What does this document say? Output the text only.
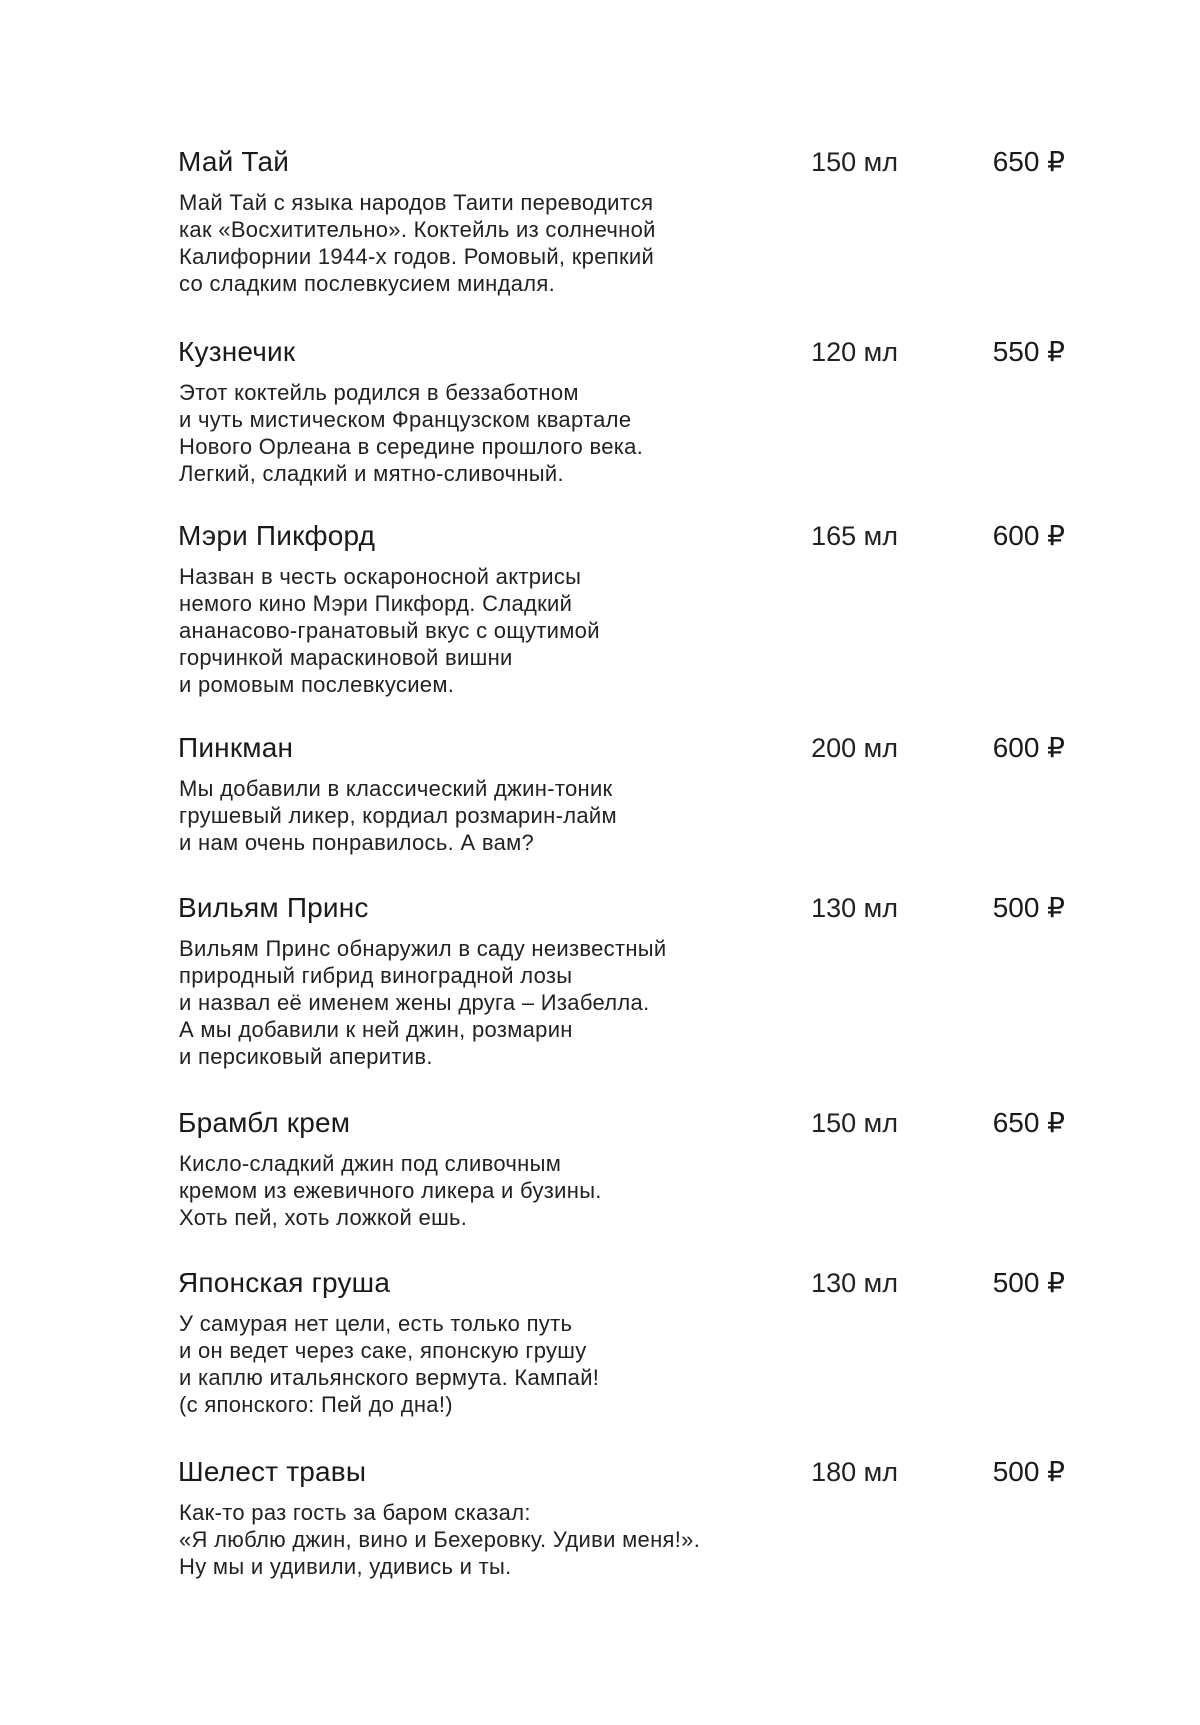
Май Тай	150 мл	650 ₽

Май Тай с языка народов Таити переводится
как «Восхитительно». Коктейль из солнечной
Калифорнии 1944-х годов. Ромовый, крепкий
со сладким послевкусием миндаля.

Кузнечик	120 мл	550 ₽

Этот коктейль родился в беззаботном
и чуть мистическом Французском квартале
Нового Орлеана в середине прошлого века.
Легкий, сладкий и мятно-сливочный.

Мэри Пикфорд	165 мл	600 ₽

Назван в честь оскароносной актрисы
немого кино Мэри Пикфорд. Сладкий
ананасово-гранатовый вкус с ощутимой
горчинкой мараскиновой вишни
и ромовым послевкусием.

Пинкман	200 мл	600 ₽

Мы добавили в классический джин-тоник
грушевый ликер, кордиал розмарин-лайм
и нам очень понравилось. А вам?

Вильям Принс	130 мл	500 ₽

Вильям Принс обнаружил в саду неизвестный
природный гибрид виноградной лозы
и назвал её именем жены друга – Изабелла.
А мы добавили к ней джин, розмарин
и персиковый аперитив.

Брамбл крем	150 мл	650 ₽

Кисло-сладкий джин под сливочным
кремом из ежевичного ликера и бузины.
Хоть пей, хоть ложкой ешь.

Японская груша	130 мл	500 ₽

У самурая нет цели, есть только путь
и он ведет через саке, японскую грушу
и каплю итальянского вермута. Кампай!
(с японского: Пей до дна!)

Шелест травы	180 мл	500 ₽

Как-то раз гость за баром сказал:
«Я люблю джин, вино и Бехеровку. Удиви меня!».
Ну мы и удивили, удивись и ты.
